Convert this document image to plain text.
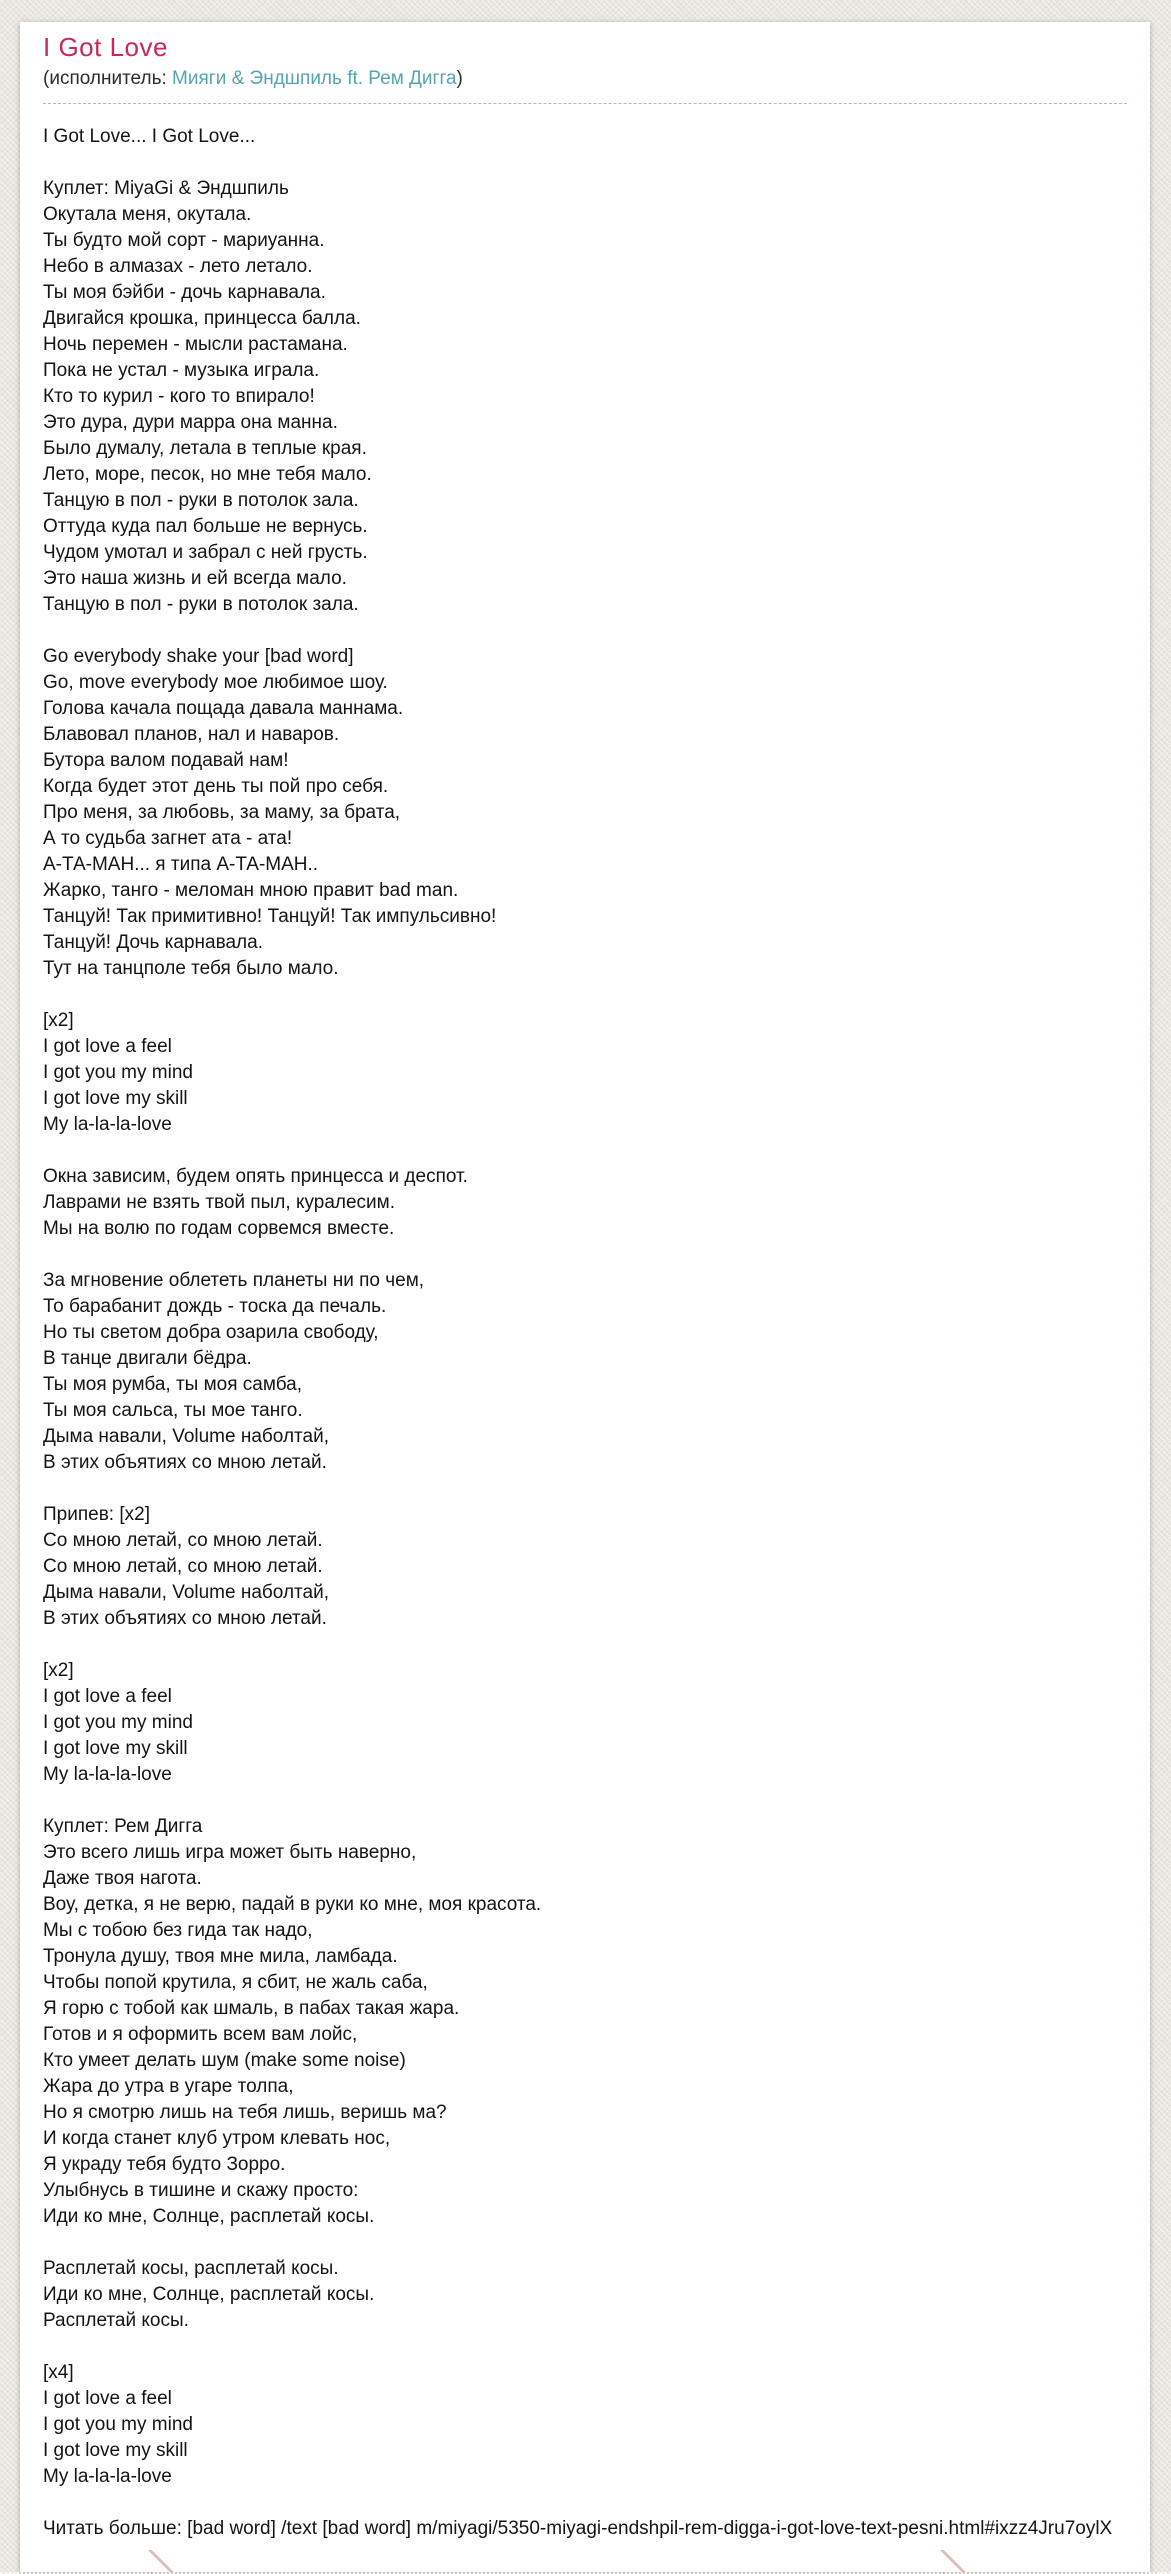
I Got Love
(исполнитель: Мияги & Эндшпиль ft. Рем Дигга)

I Got Love... I Got Love...

Куплет: MiyaGi & Эндшпиль
Окутала меня, окутала.
Ты будто мой сорт - мариуанна.
Небо в алмазах - лето летало.
Ты моя бэйби - дочь карнавала.
Двигайся крошка, принцесса балла.
Ночь перемен - мысли растамана.
Пока не устал - музыка играла.
Кто то курил - кого то впирало!
Это дура, дури марра она манна.
Было думалу, летала в теплые края.
Лето, море, песок, но мне тебя мало.
Танцую в пол - руки в потолок зала.
Оттуда куда пал больше не вернусь.
Чудом умотал и забрал с ней грусть.
Это наша жизнь и ей всегда мало.
Танцую в пол - руки в потолок зала.

Go everybody shake your [bad word]
Go, move everybody мое любимое шоу.
Голова качала пощада давала маннама.
Блавовал планов, нал и наваров.
Бутора валом подавай нам!
Когда будет этот день ты пой про себя.
Про меня, за любовь, за маму, за брата,
А то судьба загнет ата - ата!
А-ТА-МАН... я типа А-ТА-МАН..
Жарко, танго - меломан мною правит bad man.
Танцуй! Так примитивно! Танцуй! Так импульсивно!
Танцуй! Дочь карнавала.
Тут на танцполе тебя было мало.

[x2]
I got love a feel
I got you my mind
I got love my skill
My la-la-la-love

Окна зависим, будем опять принцесса и деспот.
Лаврами не взять твой пыл, куралесим.
Мы на волю по годам сорвемся вместе.

За мгновение облететь планеты ни по чем,
То барабанит дождь - тоска да печаль.
Но ты светом добра озарила свободу,
В танце двигали бёдра.
Ты моя румба, ты моя самба,
Ты моя сальса, ты мое танго.
Дыма навали, Volume наболтай,
В этих объятиях со мною летай.

Припев: [x2]
Со мною летай, со мною летай.
Со мною летай, со мною летай.
Дыма навали, Volume наболтай,
В этих объятиях со мною летай.

[x2]
I got love a feel
I got you my mind
I got love my skill
My la-la-la-love

Куплет: Рем Дигга
Это всего лишь игра может быть наверно,
Даже твоя нагота.
Воу, детка, я не верю, падай в руки ко мне, моя красота.
Мы с тобою без гида так надо,
Тронула душу, твоя мне мила, ламбада.
Чтобы попой крутила, я сбит, не жаль саба,
Я горю с тобой как шмаль, в пабах такая жара.
Готов и я оформить всем вам лойс,
Кто умеет делать шум (make some noise)
Жара до утра в угаре толпа,
Но я смотрю лишь на тебя лишь, веришь ма?
И когда станет клуб утром клевать нос,
Я украду тебя будто Зорро.
Улыбнусь в тишине и скажу просто:
Иди ко мне, Солнце, расплетай косы.

Расплетай косы, расплетай косы.
Иди ко мне, Солнце, расплетай косы.
Расплетай косы.

[x4]
I got love a feel
I got you my mind
I got love my skill
My la-la-la-love

Читать больше: [bad word] /text [bad word] m/miyagi/5350-miyagi-endshpil-rem-digga-i-got-love-text-pesni.html#ixzz4Jru7oylX
